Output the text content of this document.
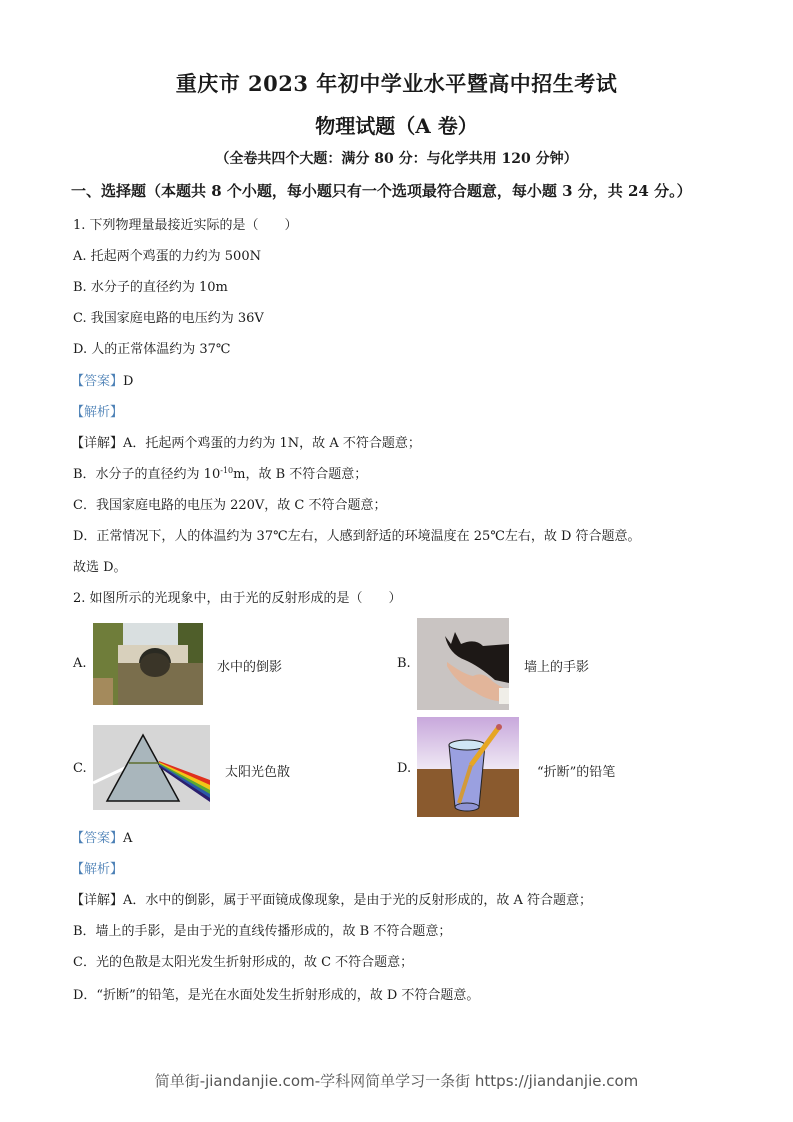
重庆市 2023 年初中学业水平暨高中招生考试
物理试题（A 卷）
（全卷共四个大题：满分 80 分：与化学共用 120 分钟）
一、选择题（本题共 8 个小题，每小题只有一个选项最符合题意，每小题 3 分，共 24 分。）
1. 下列物理量最接近实际的是（　　）
A. 托起两个鸡蛋的力约为 500N
B. 水分子的直径约为 10m
C. 我国家庭电路的电压约为 36V
D. 人的正常体温约为 37℃
【答案】D
【解析】
【详解】A．托起两个鸡蛋的力约为 1N，故 A 不符合题意；
B．水分子的直径约为 $10^{-10}m$，故 B 不符合题意；
C．我国家庭电路的电压为 220V，故 C 不符合题意；
D．正常情况下，人的体温约为 37℃左右，人感到舒适的环境温度在 25℃左右，故 D 符合题意。
故选 D。
2. 如图所示的光现象中，由于光的反射形成的是（　　）
A.	水中的倒影	B.	墙上的手影
C.	太阳光色散	D.	“折断”的铅笔
【答案】A
【解析】
【详解】A．水中的倒影，属于平面镜成像现象，是由于光的反射形成的，故 A 符合题意；
B．墙上的手影，是由于光的直线传播形成的，故 B 不符合题意；
C．光的色散是太阳光发生折射形成的，故 C 不符合题意；
D．“折断”的铅笔，是光在水面处发生折射形成的，故 D 不符合题意。
简单街-jiandanjie.com-学科网简单学习一条街 https://jiandanjie.com
